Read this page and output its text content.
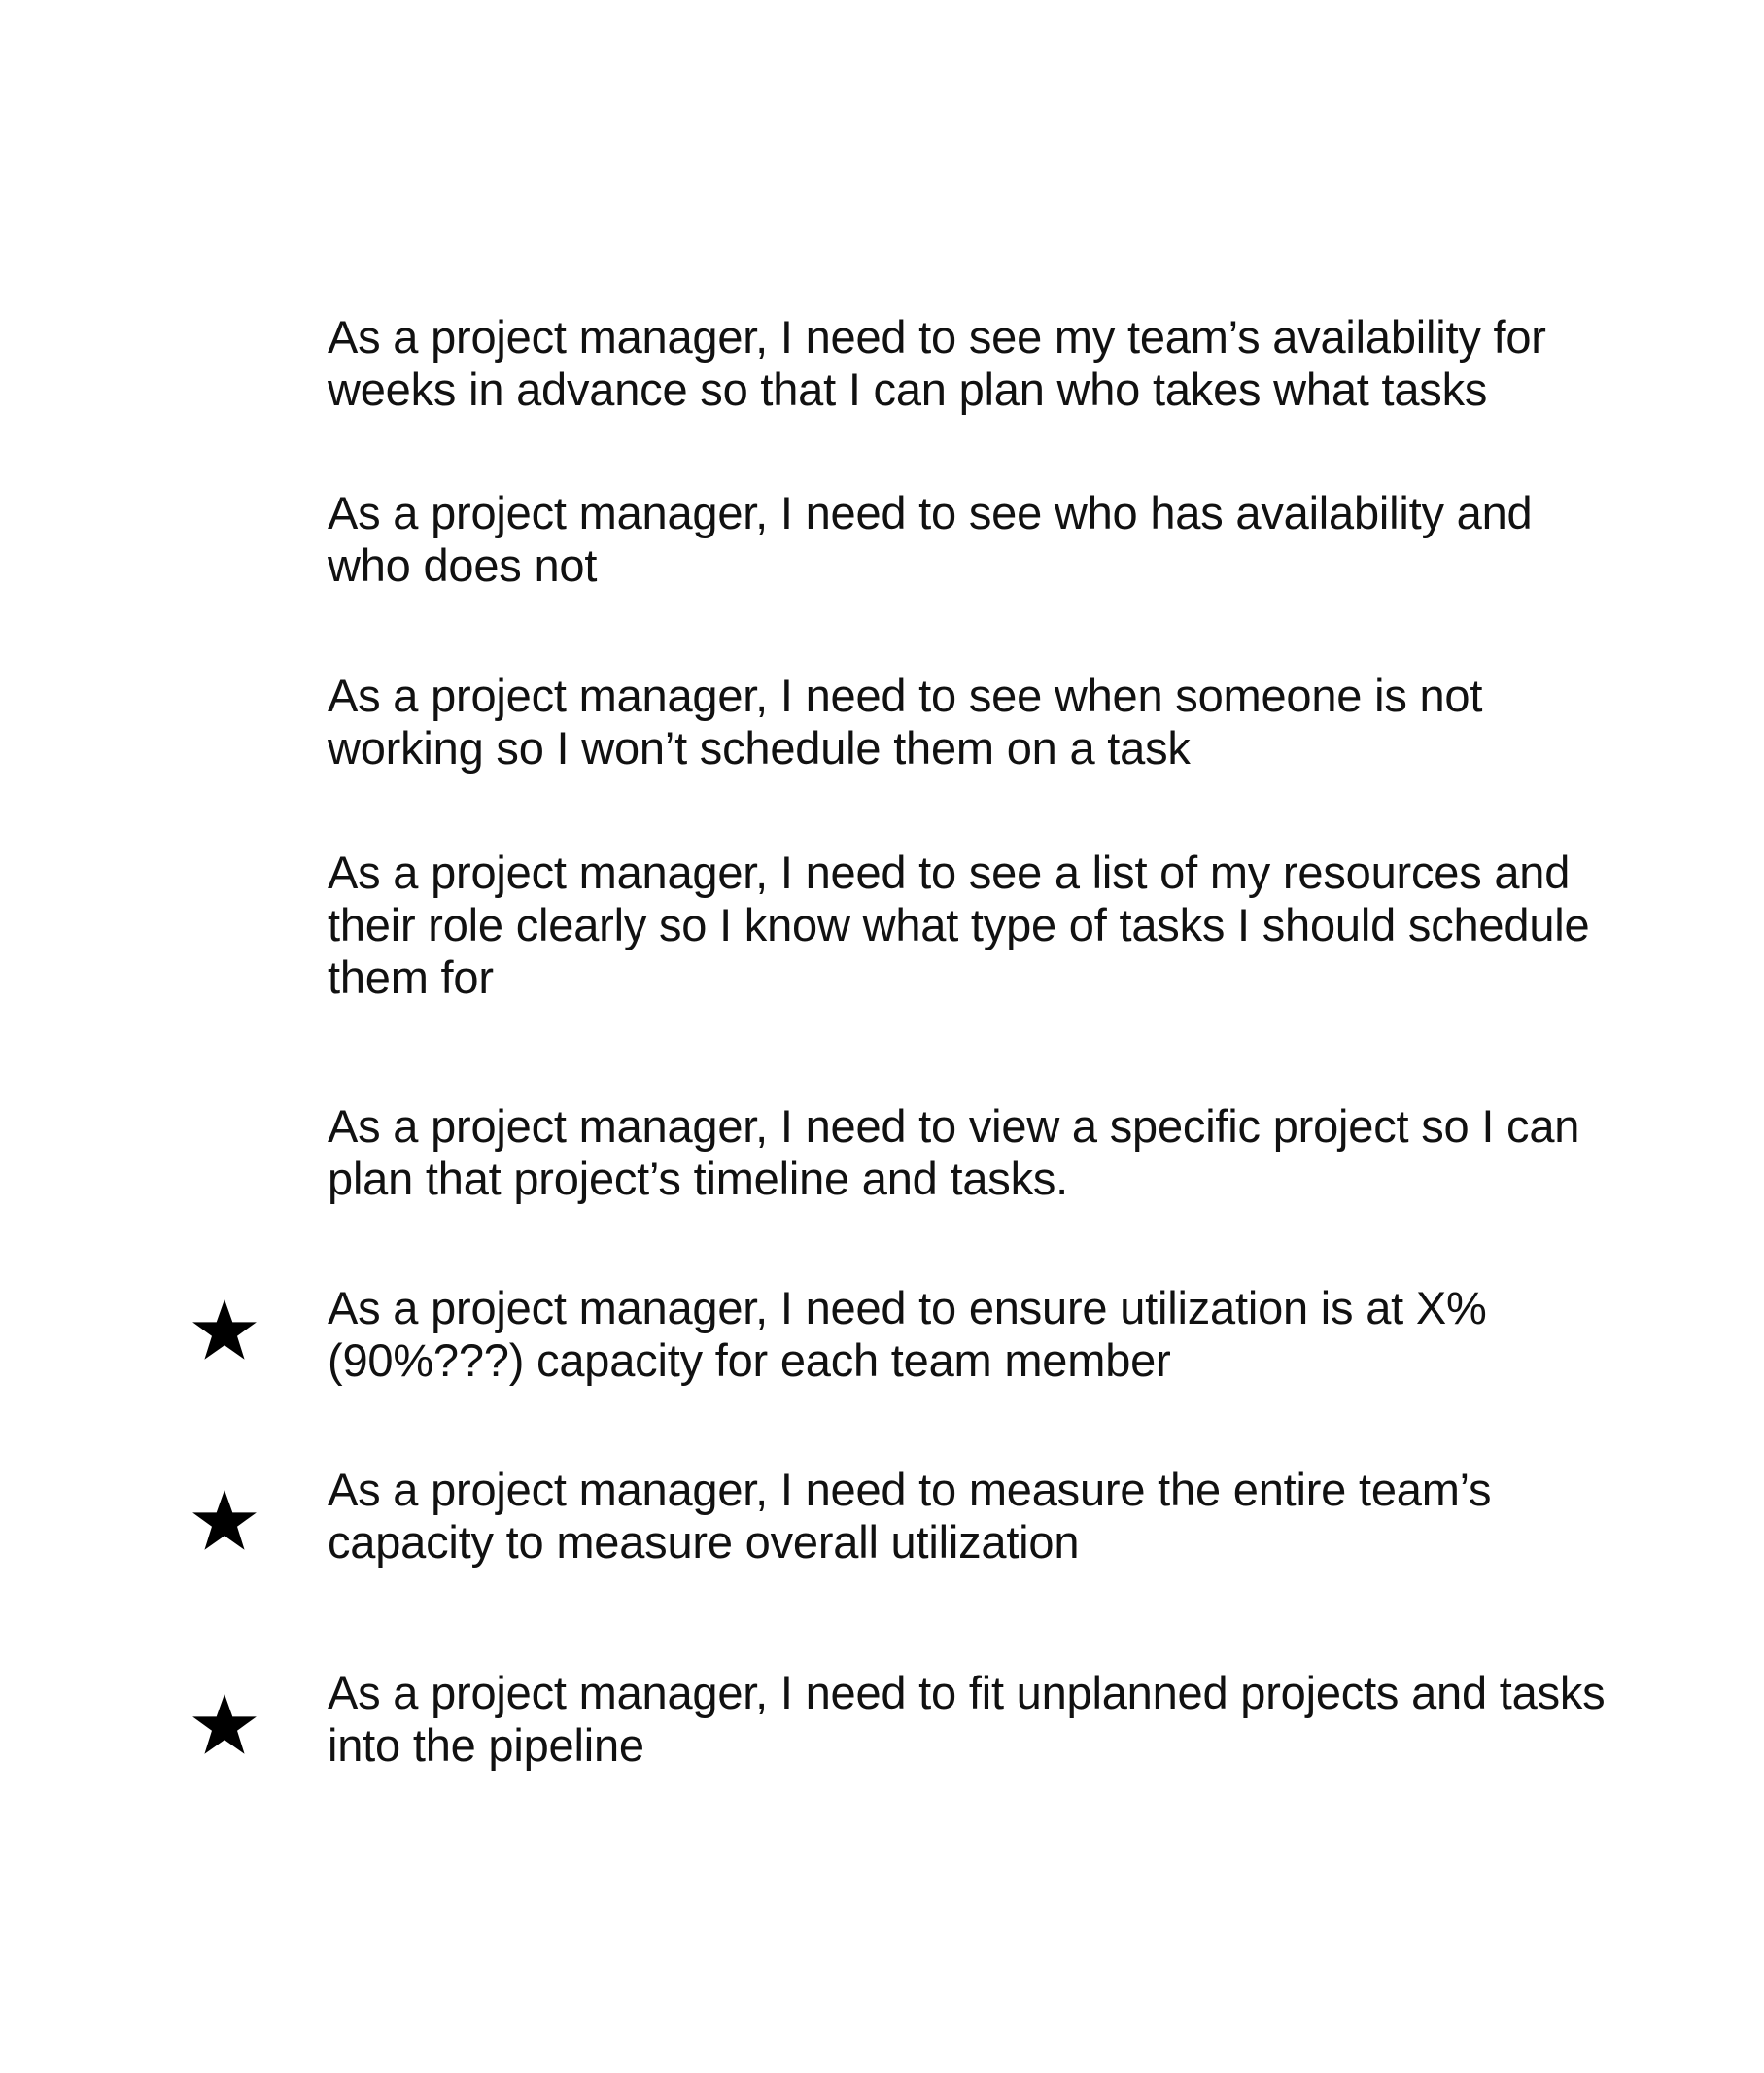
As a project manager, I need to see my team’s availability for weeks in advance so that I can plan who takes what tasks
As a project manager, I need to see who has availability and who does not
As a project manager, I need to see when someone is not working so I won’t schedule them on a task
As a project manager, I need to see a list of my resources and their role clearly so I know what type of tasks I should schedule them for
As a project manager, I need to view a specific project so I can plan that project’s timeline and tasks.
As a project manager, I need to ensure utilization is at X% (90%???) capacity for each team member
As a project manager, I need to measure the entire team’s capacity to measure overall utilization
As a project manager, I need to fit unplanned projects and tasks into the pipeline
